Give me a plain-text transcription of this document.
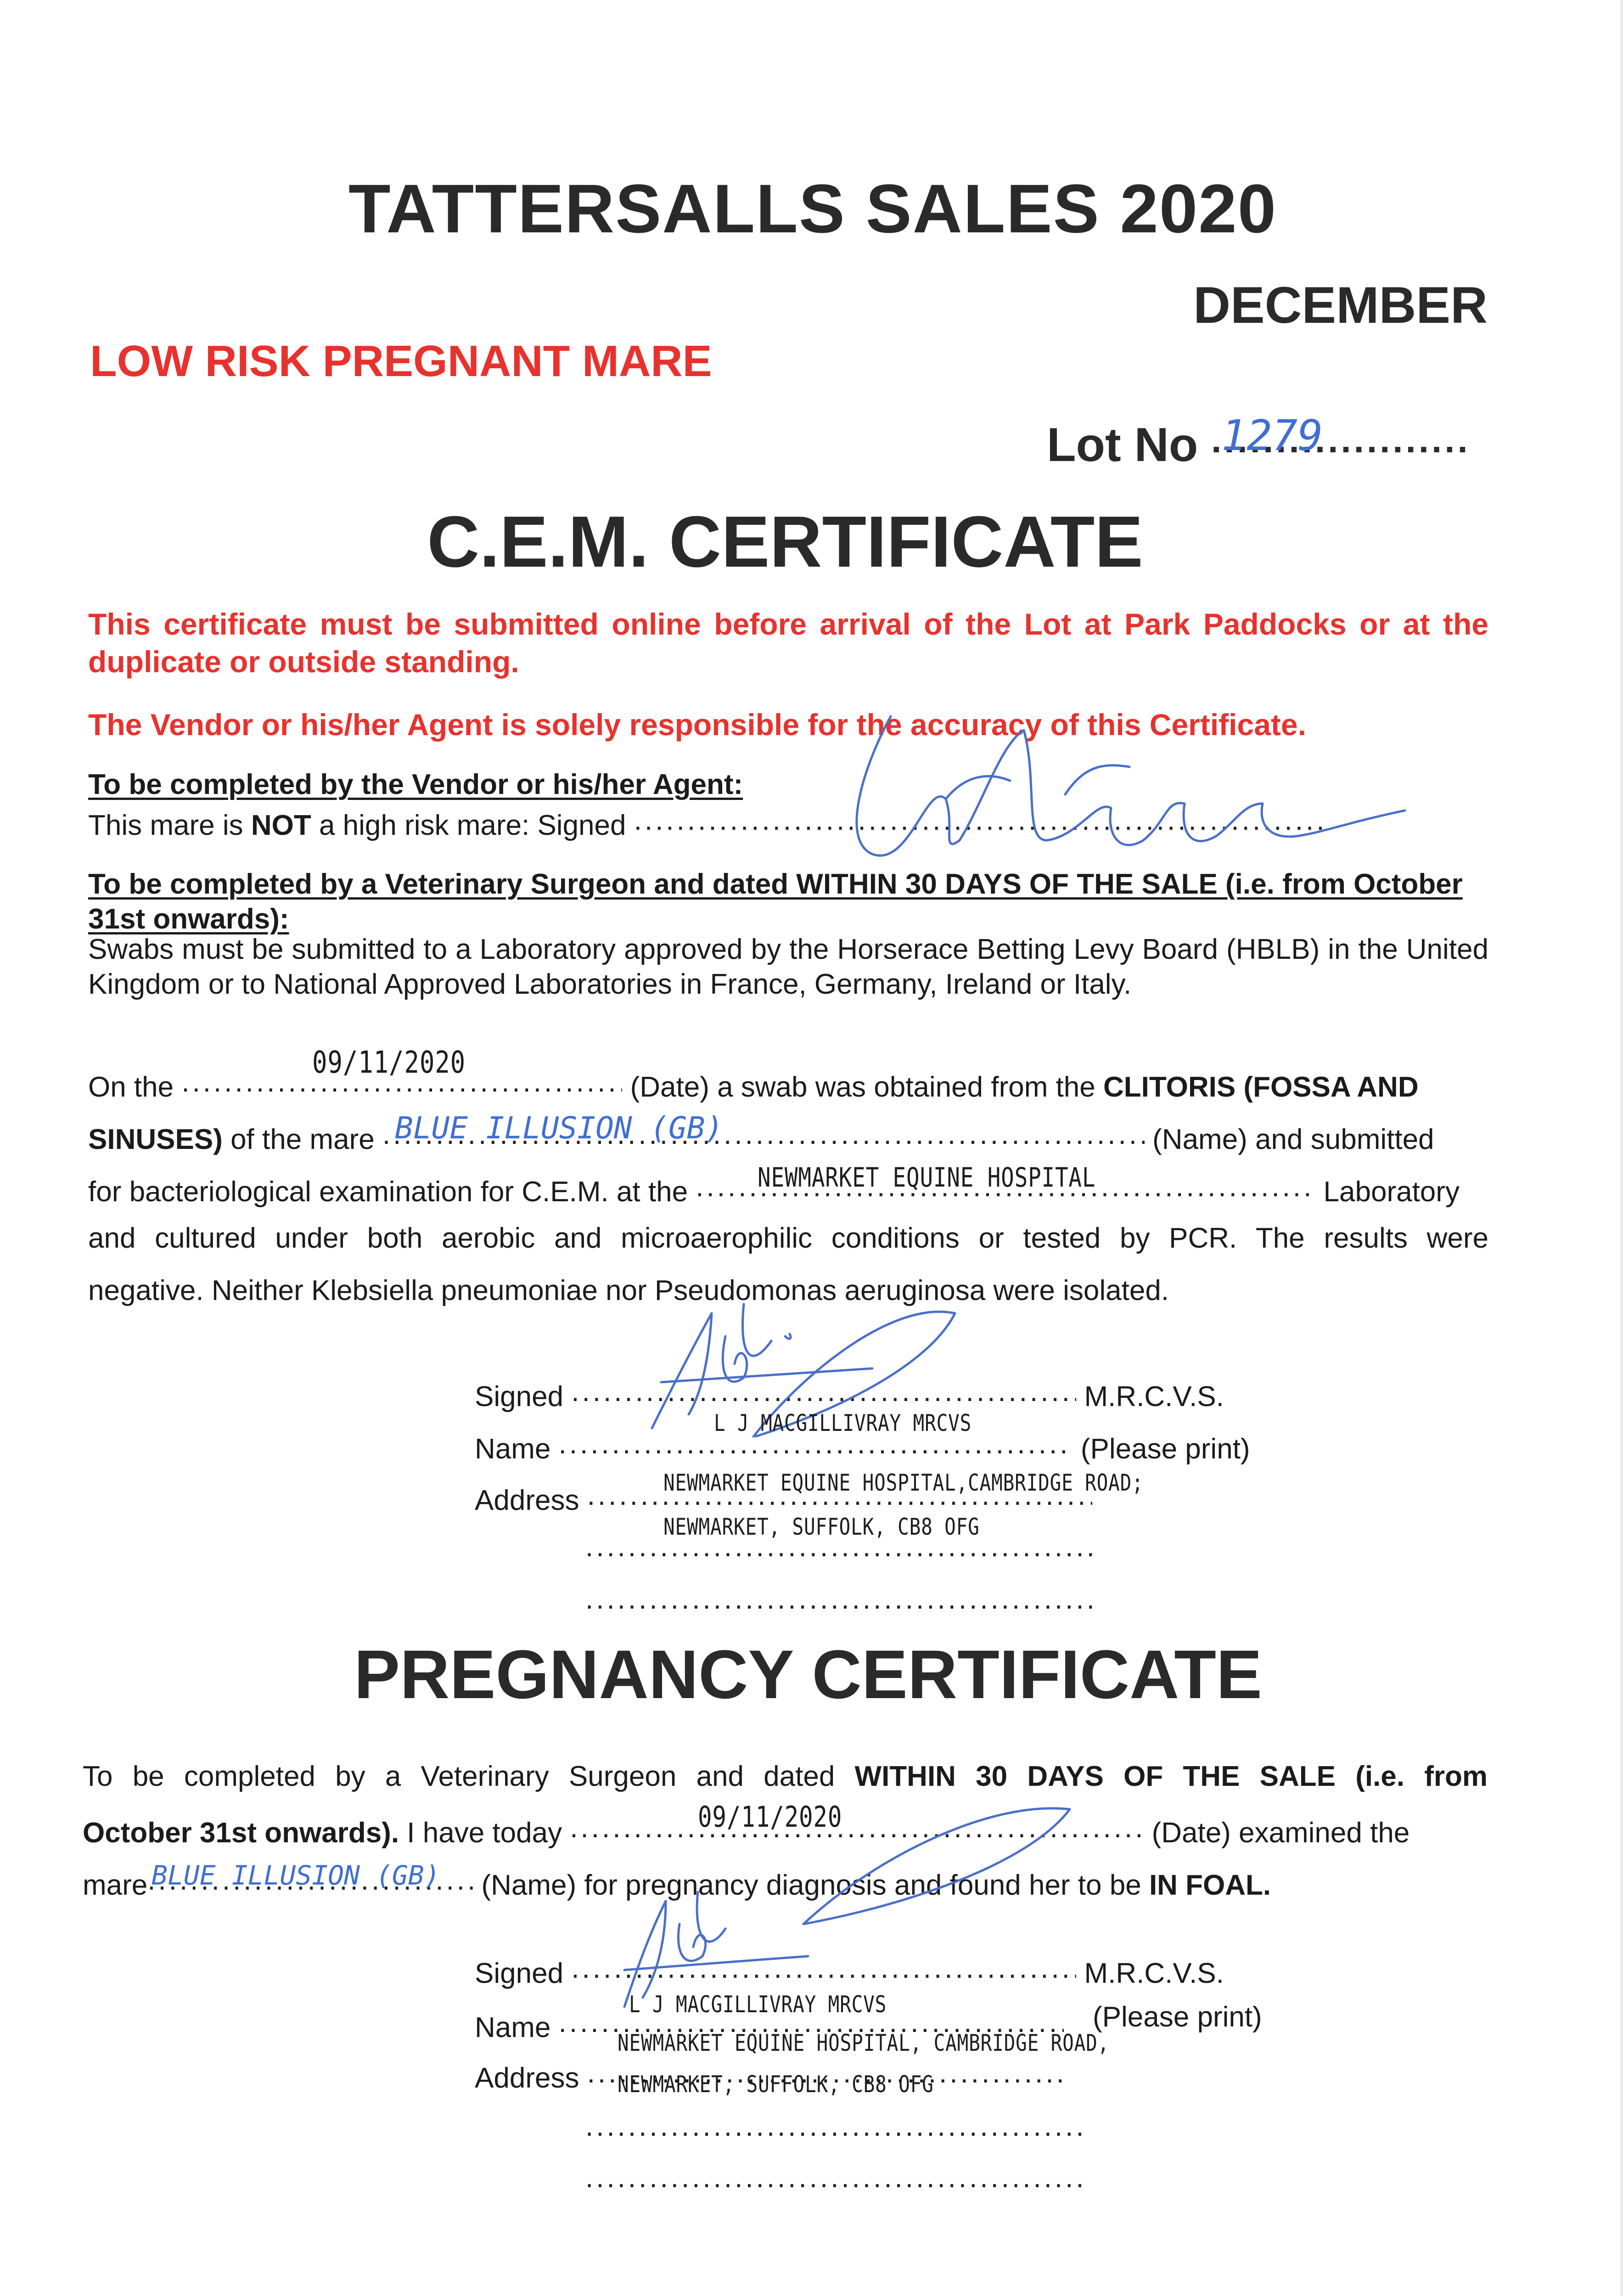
TATTERSALLS SALES 2020
DECEMBER
LOW RISK PREGNANT MARE
Lot No ..... 1279
C.E.M. CERTIFICATE
This certificate must be submitted online before arrival of the Lot at Park Paddocks or at the duplicate or outside standing.
The Vendor or his/her Agent is solely responsible for the accuracy of this Certificate.
To be completed by the Vendor or his/her Agent:
This mare is NOT a high risk mare: Signed .....
To be completed by a Veterinary Surgeon and dated WITHIN 30 DAYS OF THE SALE (i.e. from October 31st onwards):
Swabs must be submitted to a Laboratory approved by the Horserace Betting Levy Board (HBLB) in the United Kingdom or to National Approved Laboratories in France, Germany, Ireland or Italy.
On the .....	(Date) a swab was obtained from the CLITORIS (FOSSA AND
09/11/2020
SINUSES) of the mare .....	(Name) and submitted
BLUE ILLUSION (GB)
for bacteriological examination for C.E.M. at the .....	Laboratory
NEWMARKET EQUINE HOSPITAL
and cultured under both aerobic and microaerophilic conditions or tested by PCR. The results were
negative. Neither Klebsiella pneumoniae nor Pseudomonas aeruginosa were isolated.
Signed .....	M.R.C.V.S.
Name .....	(Please print)
L J MACGILLIVRAY MRCVS
Address .....
NEWMARKET EQUINE HOSPITAL,CAMBRIDGE ROAD;
.....
NEWMARKET, SUFFOLK, CB8 OFG
.....
PREGNANCY CERTIFICATE
To be completed by a Veterinary Surgeon and dated WITHIN 30 DAYS OF THE SALE (i.e. from
October 31st onwards). I have today .....	(Date) examined the
09/11/2020
mare .....	(Name) for pregnancy diagnosis and found her to be IN FOAL.
BLUE ILLUSION (GB)
Signed .....	M.R.C.V.S.
Name .....	(Please print)
L J MACGILLIVRAY MRCVS
Address .....
NEWMARKET EQUINE HOSPITAL, CAMBRIDGE ROAD,
NEWMARKET, SUFFOLK, CB8 OFG
.....
.....
